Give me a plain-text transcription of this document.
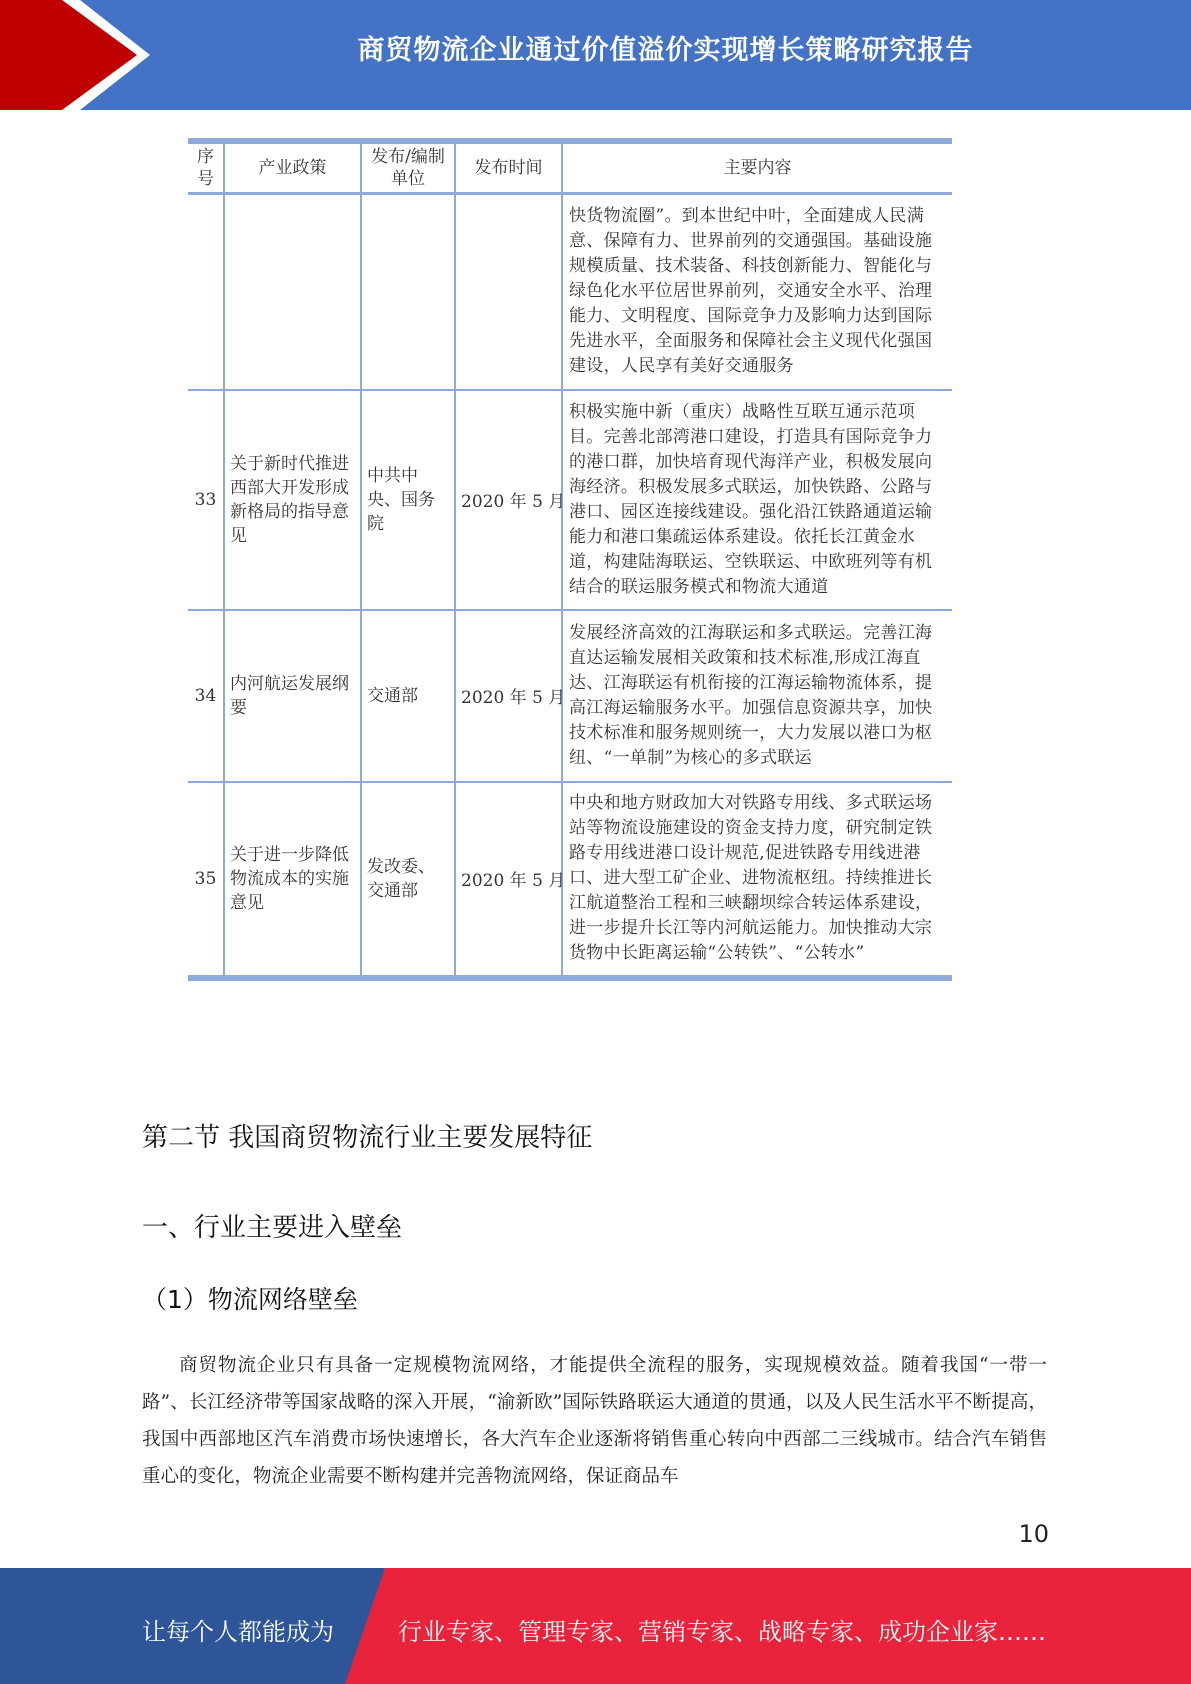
商贸物流企业通过价值溢价实现增长策略研究报告
序号	产业政策	发布/编制单位	发布时间	主要内容
				快货物流圈”。到本世纪中叶，全面建成人民满意、保障有力、世界前列的交通强国。基础设施规模质量、技术装备、科技创新能力、智能化与绿色化水平位居世界前列，交通安全水平、治理能力、文明程度、国际竞争力及影响力达到国际先进水平，全面服务和保障社会主义现代化强国建设，人民享有美好交通服务
33	关于新时代推进西部大开发形成新格局的指导意见	中共中央、国务院	2020 年 5 月	积极实施中新（重庆）战略性互联互通示范项目。完善北部湾港口建设，打造具有国际竞争力的港口群，加快培育现代海洋产业，积极发展向海经济。积极发展多式联运，加快铁路、公路与港口、园区连接线建设。强化沿江铁路通道运输能力和港口集疏运体系建设。依托长江黄金水道，构建陆海联运、空铁联运、中欧班列等有机结合的联运服务模式和物流大通道
34	内河航运发展纲要	交通部	2020 年 5 月	发展经济高效的江海联运和多式联运。完善江海直达运输发展相关政策和技术标准,形成江海直达、江海联运有机衔接的江海运输物流体系，提高江海运输服务水平。加强信息资源共享，加快技术标准和服务规则统一，大力发展以港口为枢纽、“一单制”为核心的多式联运
35	关于进一步降低物流成本的实施意见	发改委、交通部	2020 年 5 月	中央和地方财政加大对铁路专用线、多式联运场站等物流设施建设的资金支持力度，研究制定铁路专用线进港口设计规范,促进铁路专用线进港口、进大型工矿企业、进物流枢纽。持续推进长江航道整治工程和三峡翻坝综合转运体系建设，进一步提升长江等内河航运能力。加快推动大宗货物中长距离运输“公转铁”、“公转水”
第二节 我国商贸物流行业主要发展特征
一、行业主要进入壁垒
（1）物流网络壁垒

商贸物流企业只有具备一定规模物流网络，才能提供全流程的服务，实现规模效益。随着我国“一带一路”、长江经济带等国家战略的深入开展，“渝新欧”国际铁路联运大通道的贯通，以及人民生活水平不断提高，我国中西部地区汽车消费市场快速增长，各大汽车企业逐渐将销售重心转向中西部二三线城市。结合汽车销售重心的变化，物流企业需要不断构建并完善物流网络，保证商品车

10
让每个人都能成为	行业专家、管理专家、营销专家、战略专家、成功企业家……
